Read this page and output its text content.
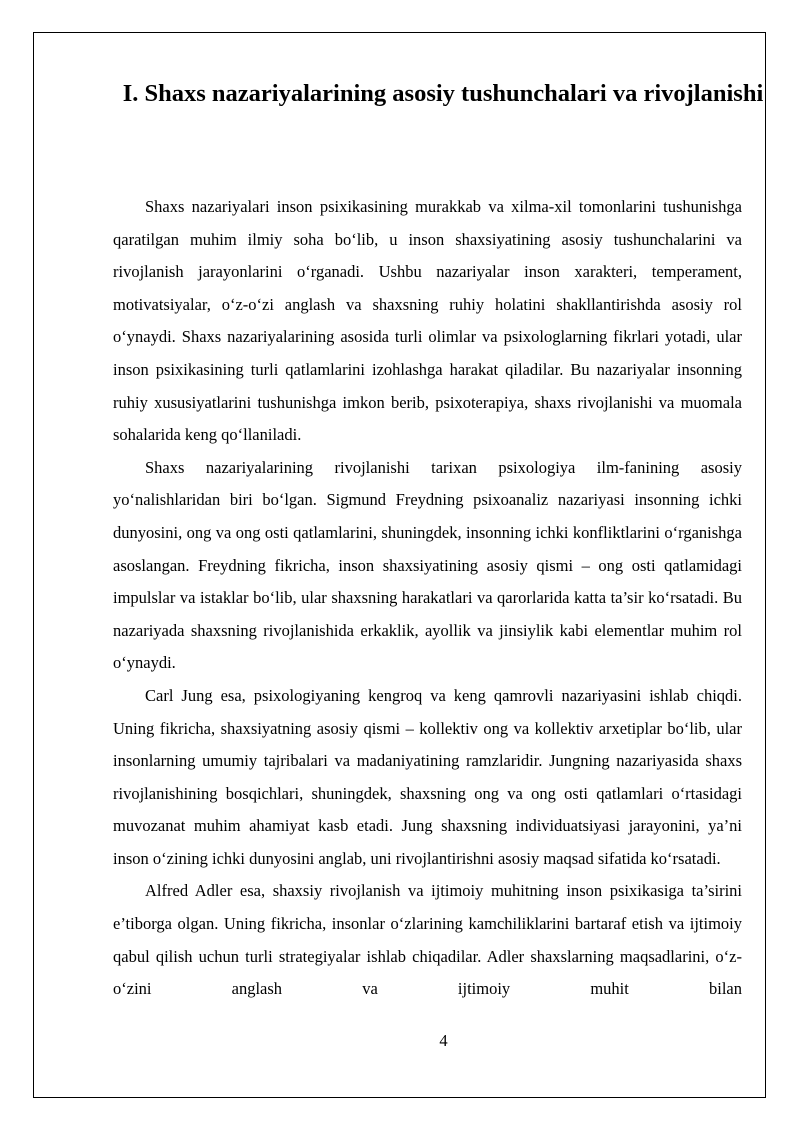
I. Shaxs nazariyalarining asosiy tushunchalari va rivojlanishi

Shaxs nazariyalari inson psixikasining murakkab va xilma-xil tomonlarini tushunishga qaratilgan muhim ilmiy soha bo‘lib, u inson shaxsiyatining asosiy tushunchalarini va rivojlanish jarayonlarini o‘rganadi. Ushbu nazariyalar inson xarakteri, temperament, motivatsiyalar, o‘z-o‘zi anglash va shaxsning ruhiy holatini shakllantirishda asosiy rol o‘ynaydi. Shaxs nazariyalarining asosida turli olimlar va psixologlarning fikrlari yotadi, ular inson psixikasining turli qatlamlarini izohlashga harakat qiladilar. Bu nazariyalar insonning ruhiy xususiyatlarini tushunishga imkon berib, psixoterapiya, shaxs rivojlanishi va muomala sohalarida keng qo‘llaniladi.

Shaxs nazariyalarining rivojlanishi tarixan psixologiya ilm-fanining asosiy yo‘nalishlaridan biri bo‘lgan. Sigmund Freydning psixoanaliz nazariyasi insonning ichki dunyosini, ong va ong osti qatlamlarini, shuningdek, insonning ichki konfliktlarini o‘rganishga asoslangan. Freydning fikricha, inson shaxsiyatining asosiy qismi – ong osti qatlamidagi impulslar va istaklar bo‘lib, ular shaxsning harakatlari va qarorlarida katta ta’sir ko‘rsatadi. Bu nazariyada shaxsning rivojlanishida erkaklik, ayollik va jinsiylik kabi elementlar muhim rol o‘ynaydi.

Carl Jung esa, psixologiyaning kengroq va keng qamrovli nazariyasini ishlab chiqdi. Uning fikricha, shaxsiyatning asosiy qismi – kollektiv ong va kollektiv arxetiplar bo‘lib, ular insonlarning umumiy tajribalari va madaniyatining ramzlaridir. Jungning nazariyasida shaxs rivojlanishining bosqichlari, shuningdek, shaxsning ong va ong osti qatlamlari o‘rtasidagi muvozanat muhim ahamiyat kasb etadi. Jung shaxsning individuatsiyasi jarayonini, ya’ni inson o‘zining ichki dunyosini anglab, uni rivojlantirishni asosiy maqsad sifatida ko‘rsatadi.

Alfred Adler esa, shaxsiy rivojlanish va ijtimoiy muhitning inson psixikasiga ta’sirini e’tiborga olgan. Uning fikricha, insonlar o‘zlarining kamchiliklarini bartaraf etish va ijtimoiy qabul qilish uchun turli strategiyalar ishlab chiqadilar. Adler shaxslarning maqsadlarini, o‘z-o‘zini anglash va ijtimoiy muhit bilan

4
